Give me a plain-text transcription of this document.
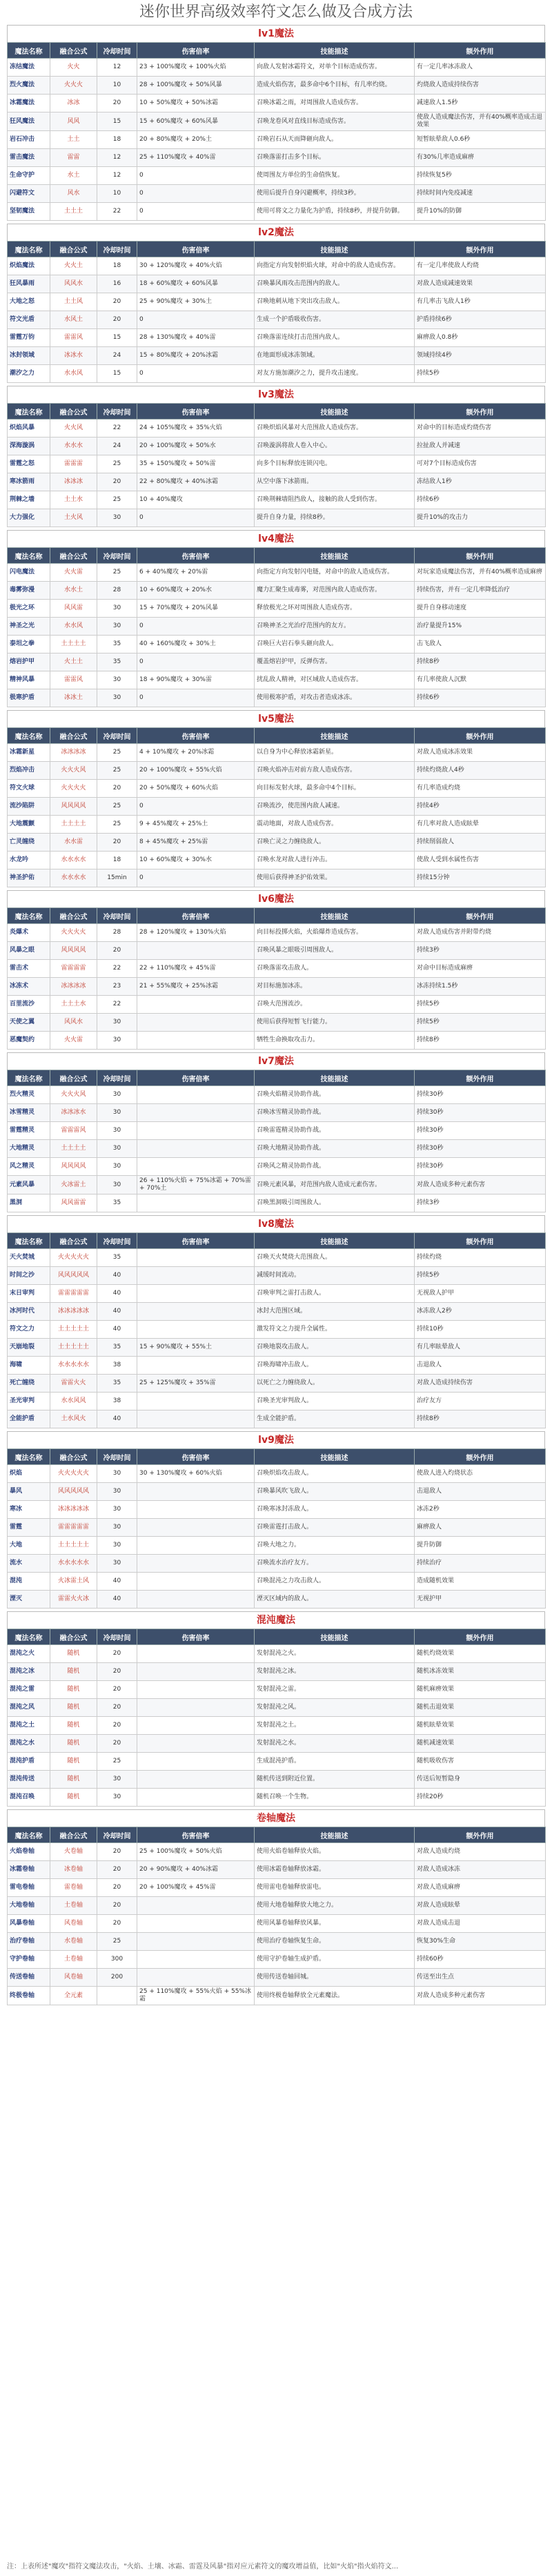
迷你世界高级效率符文怎么做及合成方法
lv1魔法
魔法名称	融合公式	冷却时间	伤害倍率	技能描述	额外作用
冻结魔法	火火	12	23 + 100%魔攻 + 100%火焰	向敌人发射冰霜符文，对单个目标造成伤害。	有一定几率冰冻敌人
烈火魔法	火火火	10	28 + 100%魔攻 + 50%风暴	造成火焰伤害，最多命中6个目标，有几率灼烧。	灼烧敌人造成持续伤害
冰霜魔法	冰冰	20	10 + 50%魔攻 + 50%冰霜	召唤冰霜之雨，对周围敌人造成伤害。	减速敌人1.5秒
狂风魔法	风风	15	15 + 60%魔攻 + 60%风暴	召唤龙卷风对直线目标造成伤害。	使敌人造成魔法伤害，并有40%概率造成击退效果
岩石冲击	土土	18	20 + 80%魔攻 + 20%土	召唤岩石从天而降砸向敌人。	短暂眩晕敌人0.6秒
雷击魔法	雷雷	12	25 + 110%魔攻 + 40%雷	召唤落雷打击多个目标。	有30%几率造成麻痹
生命守护	水土	12	0	使周围友方单位的生命值恢复。	持续恢复5秒
闪避符文	风水	10	0	使用后提升自身闪避概率，持续3秒。	持续时间内免疫减速
坚韧魔法	土土土	22	0	使用可将文之力量化为护盾，持续8秒，并提升防御。	提升10%的防御
lv2魔法
魔法名称	融合公式	冷却时间	伤害倍率	技能描述	额外作用
炽焰魔法	火火土	18	30 + 120%魔攻 + 40%火焰	向指定方向发射炽焰火球，对命中的敌人造成伤害。	有一定几率使敌人灼烧
狂风暴雨	风风水	16	18 + 60%魔攻 + 60%风暴	召唤暴风雨攻击范围内的敌人。	对敌人造成减速效果
大地之怒	土土风	20	25 + 90%魔攻 + 30%土	召唤地刺从地下突出攻击敌人。	有几率击飞敌人1秒
符文光盾	水风土	20	0	生成一个护盾吸收伤害。	护盾持续6秒
雷霆万钧	雷雷风	15	28 + 130%魔攻 + 40%雷	召唤落雷连续打击范围内敌人。	麻痹敌人0.8秒
冰封领域	冰冰水	24	15 + 80%魔攻 + 20%冰霜	在地面形成冰冻领域。	领域持续4秒
潮汐之力	水水风	15	0	对友方施加潮汐之力，提升攻击速度。	持续5秒
lv3魔法
魔法名称	融合公式	冷却时间	伤害倍率	技能描述	额外作用
炽焰风暴	火火风	22	24 + 105%魔攻 + 35%火焰	召唤炽焰风暴对大范围敌人造成伤害。	对命中的目标造成灼烧伤害
深海漩涡	水水水	24	20 + 100%魔攻 + 50%水	召唤漩涡将敌人卷入中心。	拉扯敌人并减速
雷霆之怒	雷雷雷	25	35 + 150%魔攻 + 50%雷	向多个目标释放连锁闪电。	可对7个目标造成伤害
寒冰箭雨	冰冰冰	20	22 + 80%魔攻 + 40%冰霜	从空中落下冰箭雨。	冻结敌人1秒
荆棘之墙	土土水	25	10 + 40%魔攻	召唤荆棘墙阻挡敌人，接触的敌人受到伤害。	持续6秒
大力强化	土火风	30	0	提升自身力量，持续8秒。	提升10%的攻击力
lv4魔法
魔法名称	融合公式	冷却时间	伤害倍率	技能描述	额外作用
闪电魔法	火火雷	25	6 + 40%魔攻 + 20%雷	向指定方向发射闪电链，对命中的敌人造成伤害。	对玩家造成魔法伤害，并有40%概率造成麻痹
毒雾弥漫	水水土	28	10 + 60%魔攻 + 20%水	魔力汇聚生成毒雾，对范围内敌人造成伤害。	持续伤害，并有一定几率降低治疗
极光之环	风风雷	30	15 + 70%魔攻 + 20%风暴	释放极光之环对周围敌人造成伤害。	提升自身移动速度
神圣之光	水水风	30	0	召唤神圣之光治疗范围内的友方。	治疗量提升15%
泰坦之拳	土土土土	35	40 + 160%魔攻 + 30%土	召唤巨大岩石拳头砸向敌人。	击飞敌人
熔岩护甲	火土土	35	0	覆盖熔岩护甲，反弹伤害。	持续8秒
精神风暴	雷雷风	30	18 + 90%魔攻 + 30%雷	扰乱敌人精神，对区域敌人造成伤害。	有几率使敌人沉默
极寒护盾	冰冰土	30	0	使用极寒护盾，对攻击者造成冰冻。	持续6秒
lv5魔法
魔法名称	融合公式	冷却时间	伤害倍率	技能描述	额外作用
冰霜新星	冰冰冰冰	25	4 + 10%魔攻 + 20%冰霜	以自身为中心释放冰霜新星。	对敌人造成冰冻效果
烈焰冲击	火火火风	25	20 + 100%魔攻 + 55%火焰	召唤火焰冲击对前方敌人造成伤害。	持续灼烧敌人4秒
符文火球	火火火火	20	20 + 50%魔攻 + 60%火焰	向目标发射火球，最多命中4个目标。	有几率造成灼烧
流沙陷阱	风风风风	25	0	召唤流沙，使范围内敌人减速。	持续4秒
大地震颤	土土土土	25	9 + 45%魔攻 + 25%土	震动地面，对敌人造成伤害。	有几率对敌人造成眩晕
亡灵缠绕	水水雷	20	8 + 45%魔攻 + 25%雷	召唤亡灵之力缠绕敌人。	持续削弱敌人
水龙吟	水水水水	18	10 + 60%魔攻 + 30%水	召唤水龙对敌人进行冲击。	使敌人受到水属性伤害
神圣护佑	水水水水	15min	0	使用后获得神圣护佑效果。	持续15分钟
lv6魔法
魔法名称	融合公式	冷却时间	伤害倍率	技能描述	额外作用
炎爆术	火火火火	28	28 + 120%魔攻 + 130%火焰	向目标投掷火焰，火焰爆炸造成伤害。	对敌人造成伤害并附带灼烧
风暴之眼	风风风风	20		召唤风暴之眼吸引周围敌人。	持续3秒
雷击术	雷雷雷雷	22	22 + 110%魔攻 + 45%雷	召唤落雷攻击敌人。	对命中目标造成麻痹
冰冻术	冰冰冰冰	23	21 + 55%魔攻 + 25%冰霜	对目标施加冰冻。	冰冻持续1.5秒
百里流沙	土土土水	22		召唤大范围流沙。	持续5秒
天使之翼	风风水	30		使用后获得短暂飞行能力。	持续5秒
恶魔契约	火火雷	30		牺牲生命换取攻击力。	持续8秒
lv7魔法
魔法名称	融合公式	冷却时间	伤害倍率	技能描述	额外作用
烈火精灵	火火火风	30		召唤火焰精灵协助作战。	持续30秒
冰雪精灵	冰冰冰水	30		召唤冰雪精灵协助作战。	持续30秒
雷霆精灵	雷雷雷风	30		召唤雷霆精灵协助作战。	持续30秒
大地精灵	土土土土	30		召唤大地精灵协助作战。	持续30秒
风之精灵	风风风风	30		召唤风之精灵协助作战。	持续30秒
元素风暴	火冰雷土	30	26 + 110%火焰 + 75%冰霜 + 70%雷 + 70%土	召唤元素风暴，对范围内敌人造成元素伤害。	对敌人造成多种元素伤害
黑洞	风风雷雷	35		召唤黑洞吸引周围敌人。	持续3秒
lv8魔法
魔法名称	融合公式	冷却时间	伤害倍率	技能描述	额外作用
天火焚城	火火火火火	35		召唤天火焚烧大范围敌人。	持续灼烧
时间之沙	风风风风风	40		减缓时间流动。	持续5秒
末日审判	雷雷雷雷雷	40		召唤审判之雷打击敌人。	无视敌人护甲
冰河时代	冰冰冰冰冰	40		冰封大范围区域。	冰冻敌人2秒
符文之力	土土土土土	40		激发符文之力提升全属性。	持续10秒
天崩地裂	土土土土土	35	15 + 90%魔攻 + 55%土	召唤地裂攻击敌人。	有几率眩晕敌人
海啸	水水水水水	38		召唤海啸冲击敌人。	击退敌人
死亡缠绕	雷雷火火	35	25 + 125%魔攻 + 35%雷	以死亡之力缠绕敌人。	对敌人造成持续伤害
圣光审判	水水风风	38		召唤圣光审判敌人。	治疗友方
全能护盾	土水风火	40		生成全能护盾。	持续8秒
lv9魔法
魔法名称	融合公式	冷却时间	伤害倍率	技能描述	额外作用
炽焰	火火火火火	30	30 + 130%魔攻 + 60%火焰	召唤炽焰攻击敌人。	使敌人进入灼烧状态
暴风	风风风风风	30		召唤暴风吹飞敌人。	击退敌人
寒冰	冰冰冰冰冰	30		召唤寒冰封冻敌人。	冰冻2秒
雷霆	雷雷雷雷雷	30		召唤雷霆打击敌人。	麻痹敌人
大地	土土土土土	30		召唤大地之力。	提升防御
流水	水水水水水	30		召唤流水治疗友方。	持续治疗
混沌	火冰雷土风	40		召唤混沌之力攻击敌人。	造成随机效果
湮灭	雷雷火火冰	40		湮灭区域内的敌人。	无视护甲
混沌魔法
魔法名称	融合公式	冷却时间	伤害倍率	技能描述	额外作用
混沌之火	随机	20		发射混沌之火。	随机灼烧效果
混沌之冰	随机	20		发射混沌之冰。	随机冰冻效果
混沌之雷	随机	20		发射混沌之雷。	随机麻痹效果
混沌之风	随机	20		发射混沌之风。	随机击退效果
混沌之土	随机	20		发射混沌之土。	随机眩晕效果
混沌之水	随机	20		发射混沌之水。	随机减速效果
混沌护盾	随机	25		生成混沌护盾。	随机吸收伤害
混沌传送	随机	30		随机传送到附近位置。	传送后短暂隐身
混沌召唤	随机	30		随机召唤一个生物。	持续20秒
卷轴魔法
魔法名称	融合公式	冷却时间	伤害倍率	技能描述	额外作用
火焰卷轴	火卷轴	20	25 + 100%魔攻 + 50%火焰	使用火焰卷轴释放火焰。	对敌人造成灼烧
冰霜卷轴	冰卷轴	20	20 + 90%魔攻 + 40%冰霜	使用冰霜卷轴释放冰霜。	对敌人造成冰冻
雷电卷轴	雷卷轴	20	20 + 100%魔攻 + 45%雷	使用雷电卷轴释放雷电。	对敌人造成麻痹
大地卷轴	土卷轴	20		使用大地卷轴释放大地之力。	对敌人造成眩晕
风暴卷轴	风卷轴	20		使用风暴卷轴释放风暴。	对敌人造成击退
治疗卷轴	水卷轴	25		使用治疗卷轴恢复生命。	恢复30%生命
守护卷轴	土卷轴	300		使用守护卷轴生成护盾。	持续60秒
传送卷轴	风卷轴	200		使用传送卷轴回城。	传送至出生点
终极卷轴	全元素		25 + 110%魔攻 + 55%火焰 + 55%冰霜	使用终极卷轴释放全元素魔法。	对敌人造成多种元素伤害
注：上表所述"魔攻"指符文魔法攻击，"火焰、土壤、冰霜、雷霆及风暴"指对应元素符文的魔攻增益值，比如"火焰"指火焰符文...
